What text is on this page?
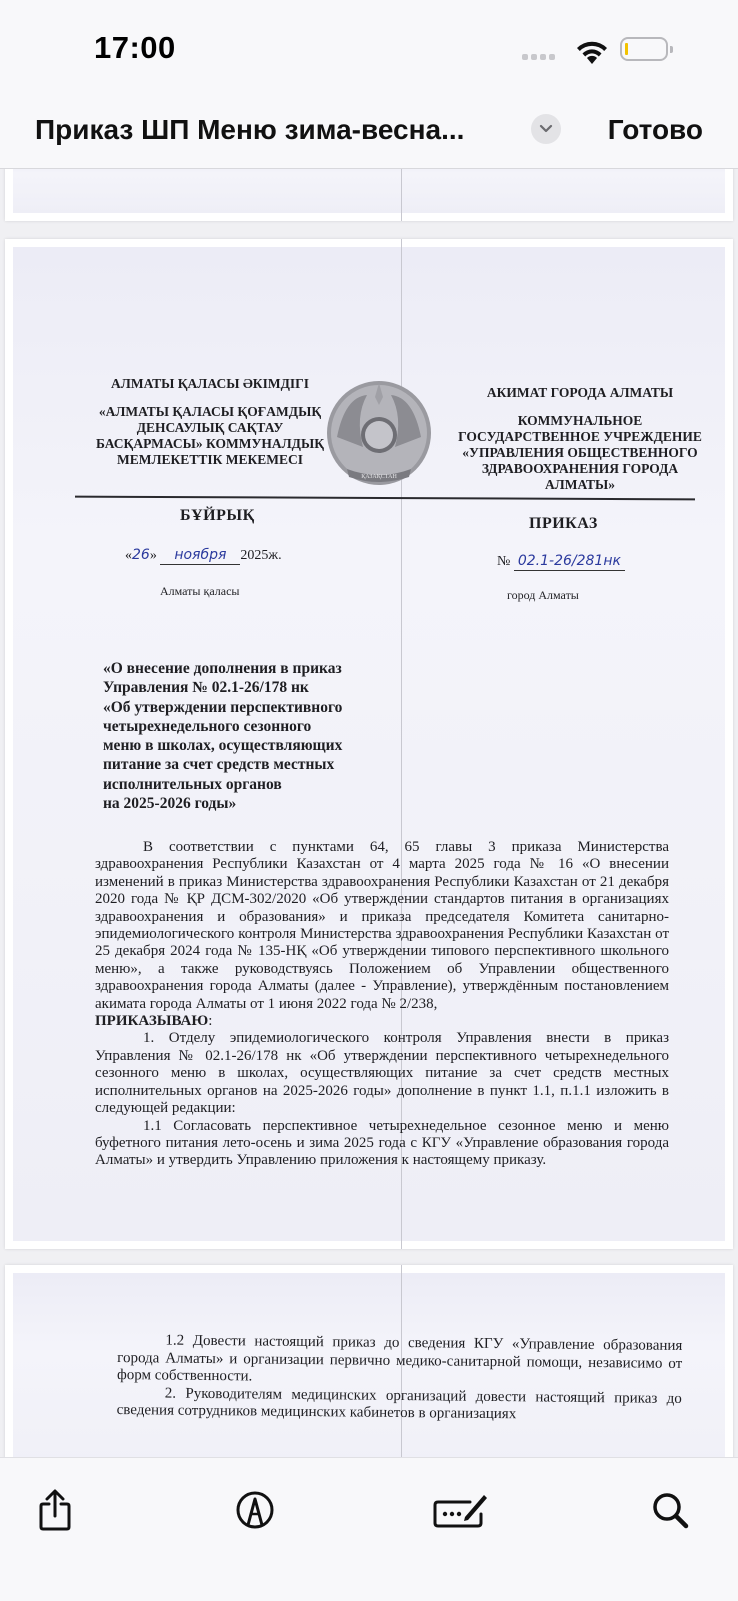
17:00
Приказ ШП Меню зима-весна...	Готово
АЛМАТЫ ҚАЛАСЫ ӘКІМДІГІ
«АЛМАТЫ ҚАЛАСЫ ҚОҒАМДЫҚ
ДЕНСАУЛЫҚ САҚТАУ
БАСҚАРМАСЫ» КОММУНАЛДЫҚ
МЕМЛЕКЕТТІК МЕКЕМЕСІ
ҚАЗАҚСТАН
АКИМАТ ГОРОДА АЛМАТЫ
КОММУНАЛЬНОЕ
ГОСУДАРСТВЕННОЕ УЧРЕЖДЕНИЕ
«УПРАВЛЕНИЯ ОБЩЕСТВЕННОГО
ЗДРАВООХРАНЕНИЯ ГОРОДА
АЛМАТЫ»
БҰЙРЫҚ	ПРИКАЗ
«26» ноября 2025ж.	№ 02.1-26/281нк
Алматы қаласы	город Алматы
«О внесение дополнения в приказ
Управления № 02.1-26/178 нк
«Об утверждении перспективного
четырехнедельного сезонного
меню в школах, осуществляющих
питание за счет средств местных
исполнительных органов
на 2025-2026 годы»

В соответствии с пунктами 64, 65 главы 3 приказа Министерства здравоохранения Республики Казахстан от 4 марта 2025 года № 16 «О внесении изменений в приказ Министерства здравоохранения Республики Казахстан от 21 декабря 2020 года № ҚР ДСМ-302/2020 «Об утверждении стандартов питания в организациях здравоохранения и образования» и приказа председателя Комитета санитарно-эпидемиологического контроля Министерства здравоохранения Республики Казахстан от 25 декабря 2024 года № 135-НҚ «Об утверждении типового перспективного школьного меню», а также руководствуясь Положением об Управлении общественного здравоохранения города Алматы (далее - Управление), утверждённым постановлением акимата города Алматы от 1 июня 2022 года № 2/238,

ПРИКАЗЫВАЮ:

1. Отделу эпидемиологического контроля Управления внести в приказ Управления № 02.1-26/178 нк «Об утверждении перспективного четырехнедельного сезонного меню в школах, осуществляющих питание за счет средств местных исполнительных органов на 2025-2026 годы» дополнение в пункт 1.1, п.1.1 изложить в следующей редакции:

1.1 Согласовать перспективное четырехнедельное сезонное меню и меню буфетного питания лето-осень и зима 2025 года с КГУ «Управление образования города Алматы» и утвердить Управлению приложения к настоящему приказу.

1.2 Довести настоящий приказ до сведения КГУ «Управление образования города Алматы» и организации первично медико-санитарной помощи, независимо от форм собственности.

2. Руководителям медицинских организаций довести настоящий приказ до сведения сотрудников медицинских кабинетов в организациях
